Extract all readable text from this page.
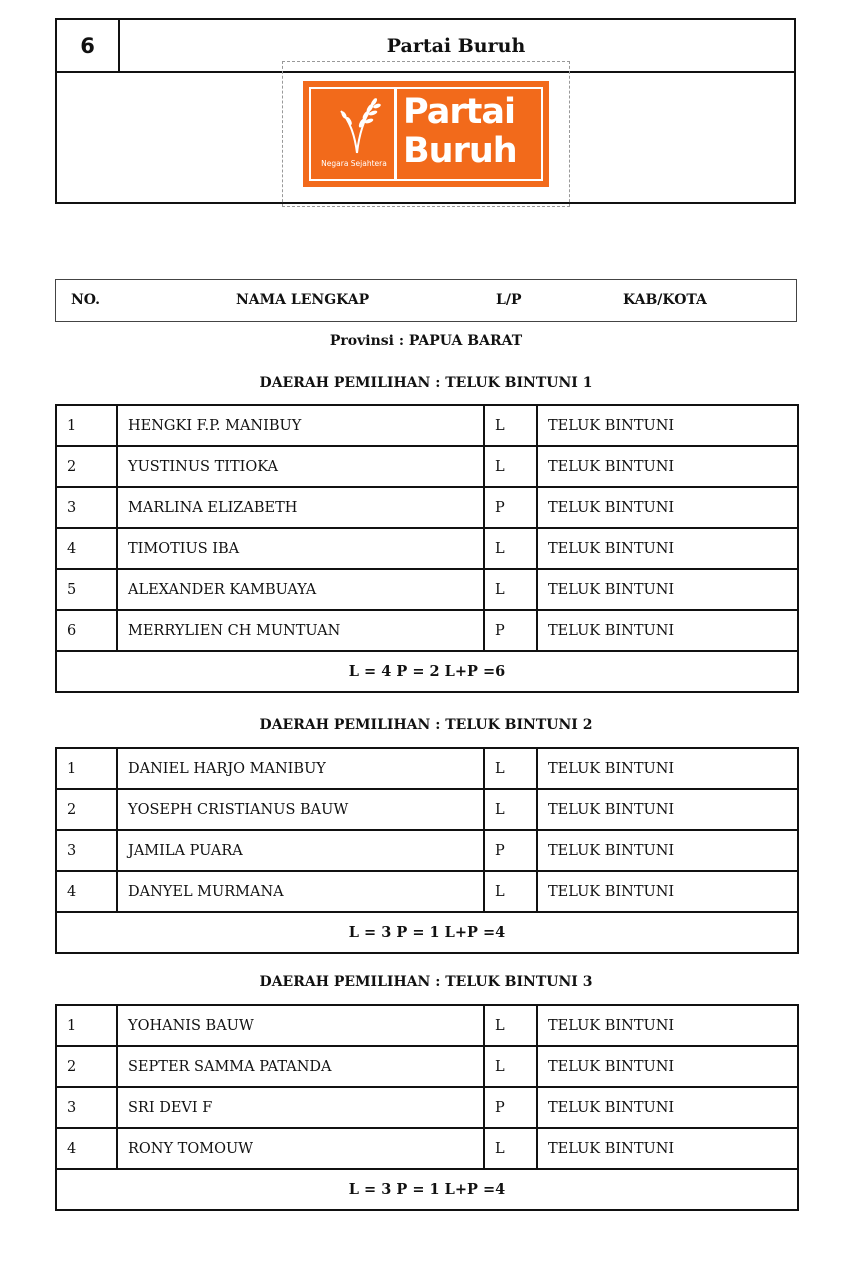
6	Partai Buruh
Negara Sejahtera
Partai
Buruh
NO.	NAMA LENGKAP	L/P	KAB/KOTA
Provinsi : PAPUA BARAT
DAERAH PEMILIHAN : TELUK BINTUNI 1
1	HENGKI F.P. MANIBUY	L	TELUK BINTUNI
2	YUSTINUS TITIOKA	L	TELUK BINTUNI
3	MARLINA ELIZABETH	P	TELUK BINTUNI
4	TIMOTIUS IBA	L	TELUK BINTUNI
5	ALEXANDER KAMBUAYA	L	TELUK BINTUNI
6	MERRYLIEN CH MUNTUAN	P	TELUK BINTUNI
L = 4 P = 2 L+P =6			
DAERAH PEMILIHAN : TELUK BINTUNI 2
1	DANIEL HARJO MANIBUY	L	TELUK BINTUNI
2	YOSEPH CRISTIANUS BAUW	L	TELUK BINTUNI
3	JAMILA PUARA	P	TELUK BINTUNI
4	DANYEL MURMANA	L	TELUK BINTUNI
L = 3 P = 1 L+P =4			
DAERAH PEMILIHAN : TELUK BINTUNI 3
1	YOHANIS BAUW	L	TELUK BINTUNI
2	SEPTER SAMMA PATANDA	L	TELUK BINTUNI
3	SRI DEVI F	P	TELUK BINTUNI
4	RONY TOMOUW	L	TELUK BINTUNI
L = 3 P = 1 L+P =4			
